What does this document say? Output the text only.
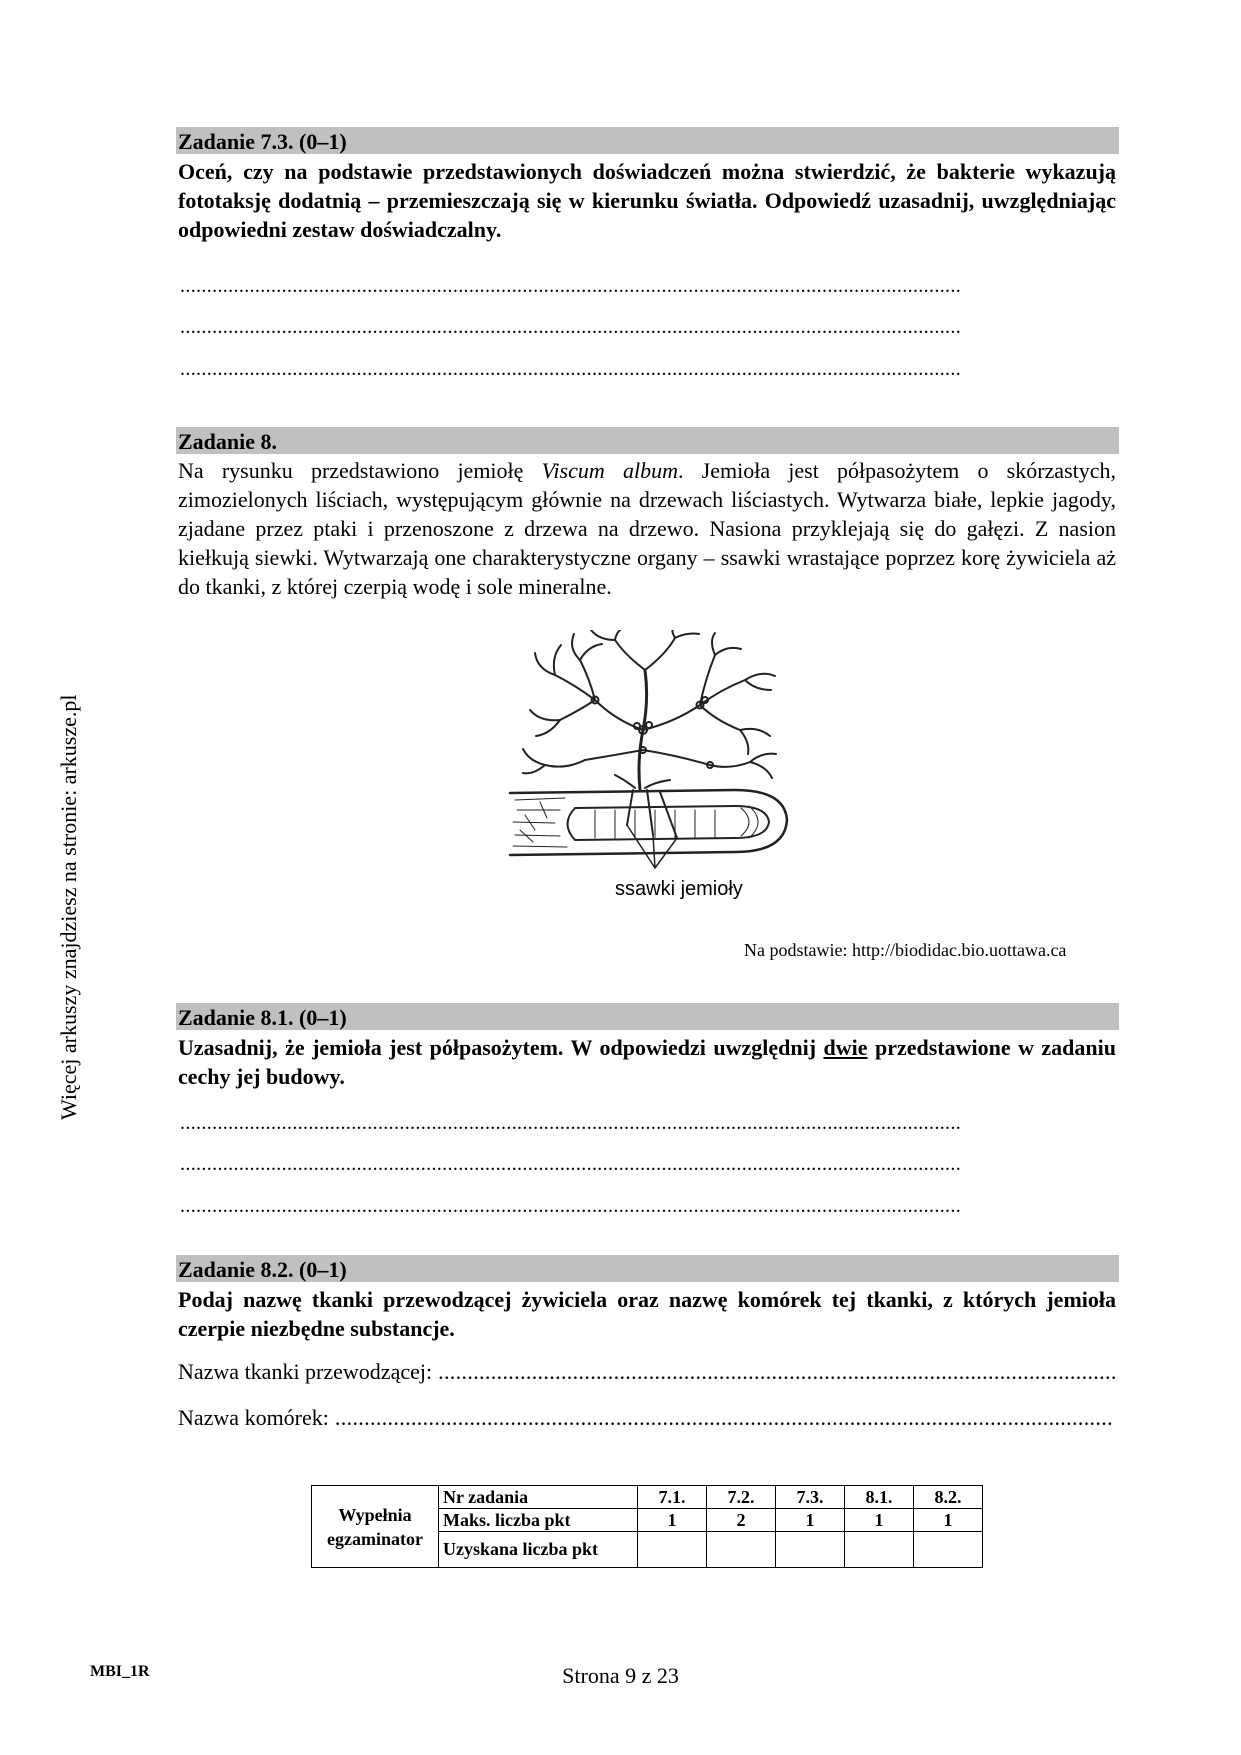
Więcej arkuszy znajdziesz na stronie: arkusze.pl
Zadanie 7.3. (0–1)
Oceń, czy na podstawie przedstawionych doświadczeń można stwierdzić, że bakterie wykazują fototaksję dodatnią – przemieszczają się w kierunku światła. Odpowiedź uzasadnij, uwzględniając odpowiedni zestaw doświadczalny.
..................................................................................................................................................
..................................................................................................................................................
..................................................................................................................................................
Zadanie 8.
Na rysunku przedstawiono jemiołę Viscum album. Jemioła jest półpasożytem o skórzastych, zimozielonych liściach, występującym głównie na drzewach liściastych. Wytwarza białe, lepkie jagody, zjadane przez ptaki i przenoszone z drzewa na drzewo. Nasiona przyklejają się do gałęzi. Z nasion kiełkują siewki. Wytwarzają one charakterystyczne organy – ssawki wrastające poprzez korę żywiciela aż do tkanki, z której czerpią wodę i sole mineralne.
ssawki jemioły
Na podstawie: http://biodidac.bio.uottawa.ca
Zadanie 8.1. (0–1)
Uzasadnij, że jemioła jest półpasożytem. W odpowiedzi uwzględnij dwie przedstawione w zadaniu cechy jej budowy.
..................................................................................................................................................
..................................................................................................................................................
..................................................................................................................................................
Zadanie 8.2. (0–1)
Podaj nazwę tkanki przewodzącej żywiciela oraz nazwę komórek tej tkanki, z których jemioła czerpie niezbędne substancje.
Nazwa tkanki przewodzącej: ....................................................................................................................
Nazwa komórek: .....................................................................................................................................
Wypełnia
egzaminator	Nr zadania	7.1.	7.2.	7.3.	8.1.	8.2.
	Maks. liczba pkt	1	2	1	1	1
	Uzyskana liczba pkt					
MBI_1R	Strona 9 z 23
